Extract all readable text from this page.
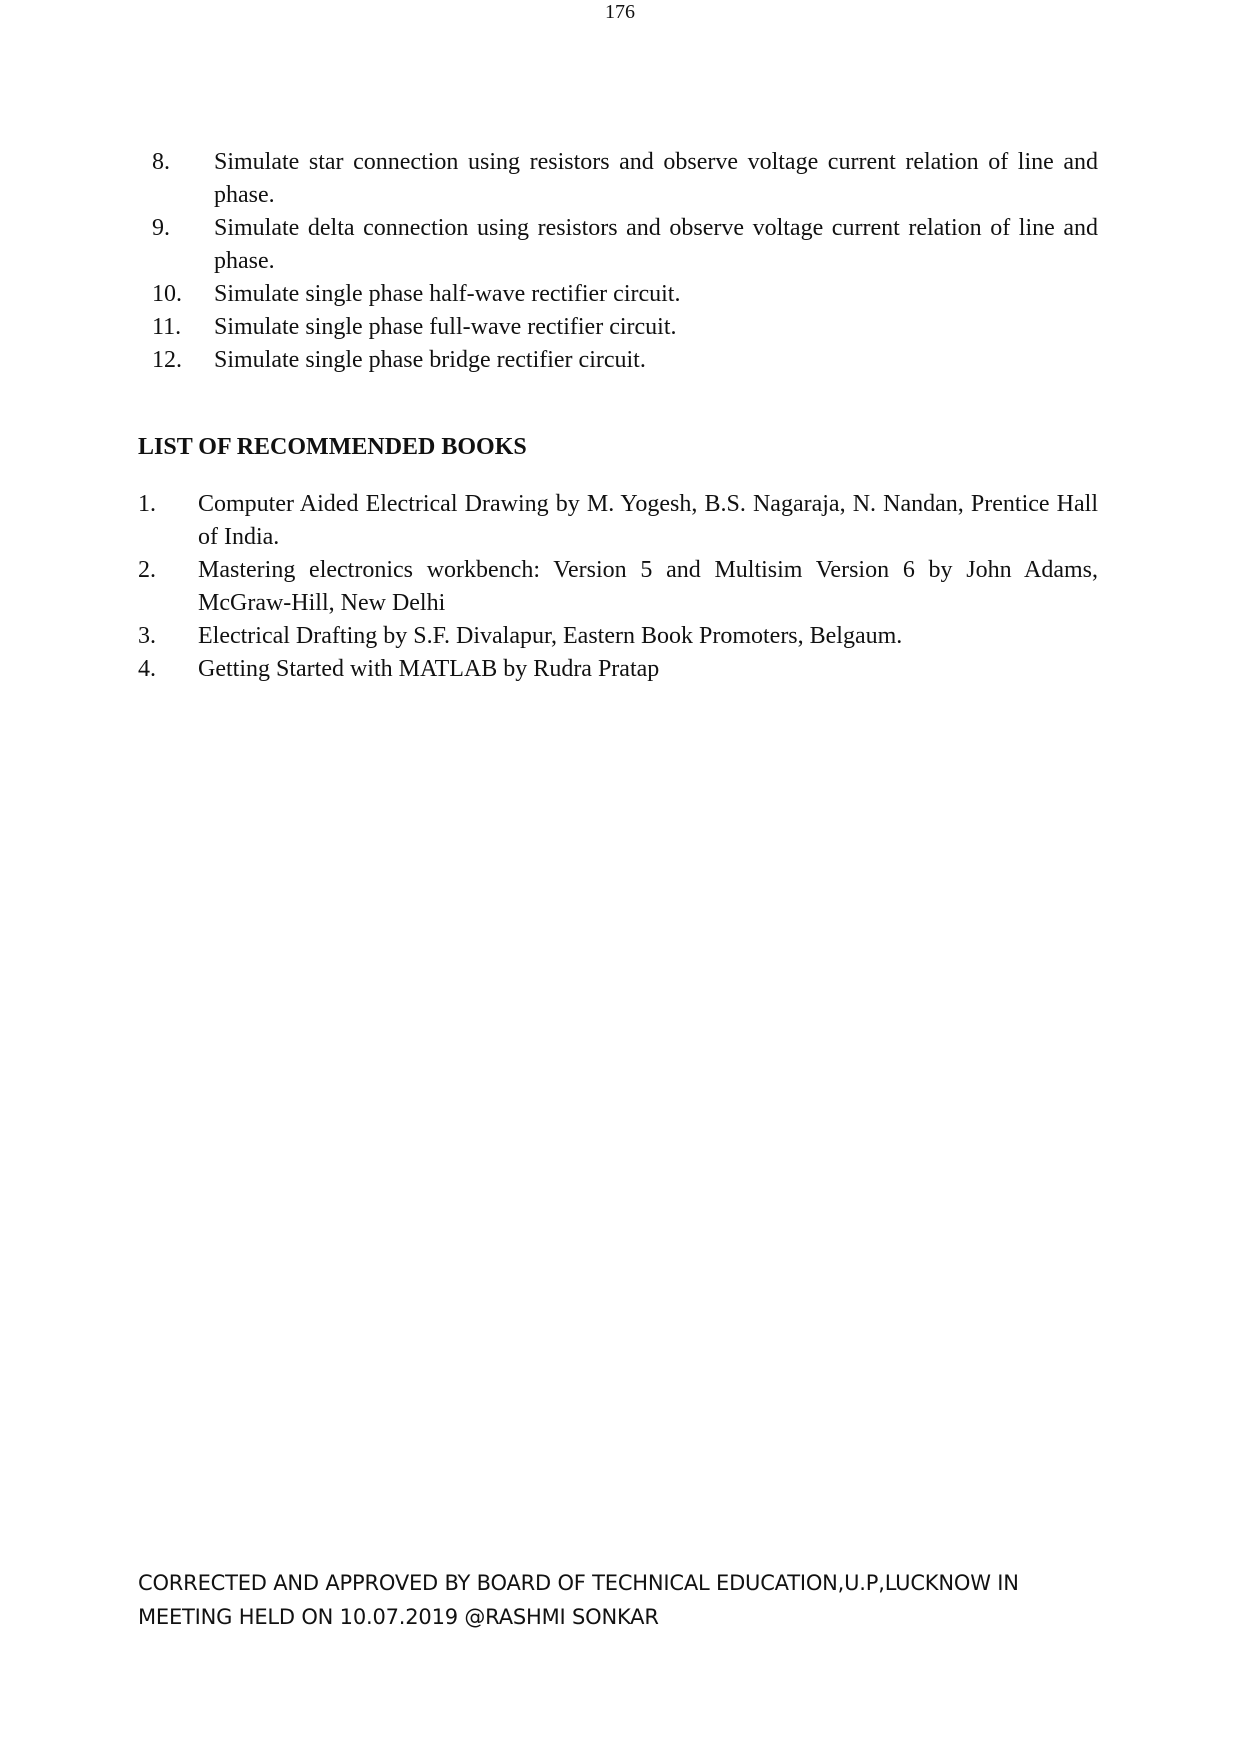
176
8.	Simulate star connection using resistors and observe voltage current relation of line and phase.
9.	Simulate delta connection using resistors and observe voltage current relation of line and phase.
10.	Simulate single phase half-wave rectifier circuit.
11.	Simulate single phase full-wave rectifier circuit.
12.	Simulate single phase bridge rectifier circuit.
LIST OF RECOMMENDED BOOKS
1.	Computer Aided Electrical Drawing by M. Yogesh, B.S. Nagaraja, N. Nandan, Prentice Hall of India.
2.	Mastering electronics workbench: Version 5 and Multisim Version 6 by John Adams, McGraw-Hill, New Delhi
3.	Electrical Drafting by S.F. Divalapur, Eastern Book Promoters, Belgaum.
4.	Getting Started with MATLAB by Rudra Pratap
CORRECTED AND APPROVED BY BOARD OF TECHNICAL EDUCATION,U.P,LUCKNOW IN
MEETING HELD ON 10.07.2019 @RASHMI SONKAR
